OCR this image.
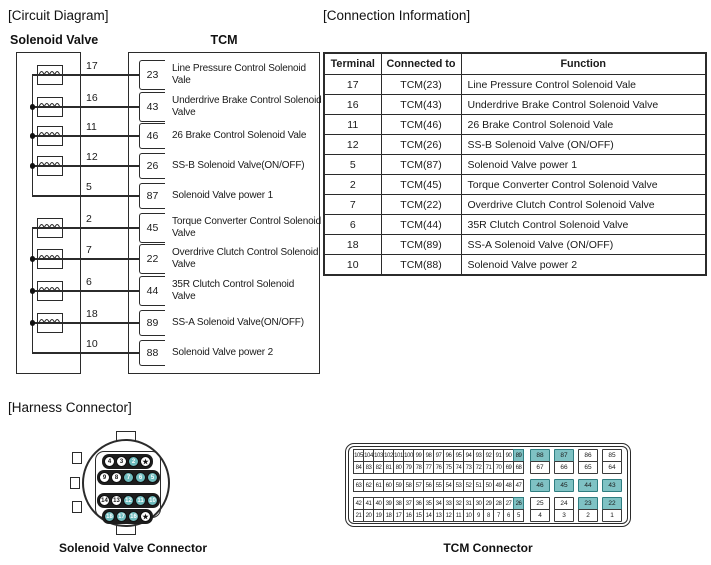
[Circuit Diagram]	[Connection Information]
[Harness Connector]
Solenoid Valve	TCM
17
23
Line Pressure Control Solenoid
Vale
16
43
Underdrive Brake Control Solenoid
Valve
11
46	26 Brake Control Solenoid Vale
12
26	SS-B Solenoid Valve(ON/OFF)
5
87	Solenoid Valve power 1
2
45
Torque Converter Control Solenoid
Valve
7
22
Overdrive Clutch Control Solenoid
Valve
6
44
35R Clutch Control Solenoid
Valve
18
89	SS-A Solenoid Valve(ON/OFF)
10
88	Solenoid Valve power 2
Terminal	Connected to	Function
17	TCM(23)	Line Pressure Control Solenoid Vale
16	TCM(43)	Underdrive Brake Control Solenoid Valve
11	TCM(46)	26 Brake Control Solenoid Vale
12	TCM(26)	SS-B Solenoid Valve (ON/OFF)
5	TCM(87)	Solenoid Valve power 1
2	TCM(45)	Torque Converter Control Solenoid Valve
7	TCM(22)	Overdrive Clutch Control Solenoid Valve
6	TCM(44)	35R Clutch Control Solenoid Valve
18	TCM(89)	SS-A Solenoid Valve (ON/OFF)
10	TCM(88)	Solenoid Valve power 2
4	3	2	★
9	8	7	6	5
14 13 12 11 10
18 17 16 ★
Solenoid Valve Connector
105 104 103 102 101 100 99 98 97 96 95 94 93 92 91 90 89	88	87	86	85
84 83 82 81 80 79 78 77 76 75 74 73 72 71 70 69 68	67	66	65	64
63 62 61 60 59 58 57 56 55 54 53 52 51 50 49 48 47	46	45	44	43
42 41 40 39 38 37 36 35 34 33 32 31 30 29 28 27 26	25	24	23	22
21 20 19 18 17 16 15 14 13 12 11 10 9	8	7	6	5	4	3	2	1
TCM Connector
